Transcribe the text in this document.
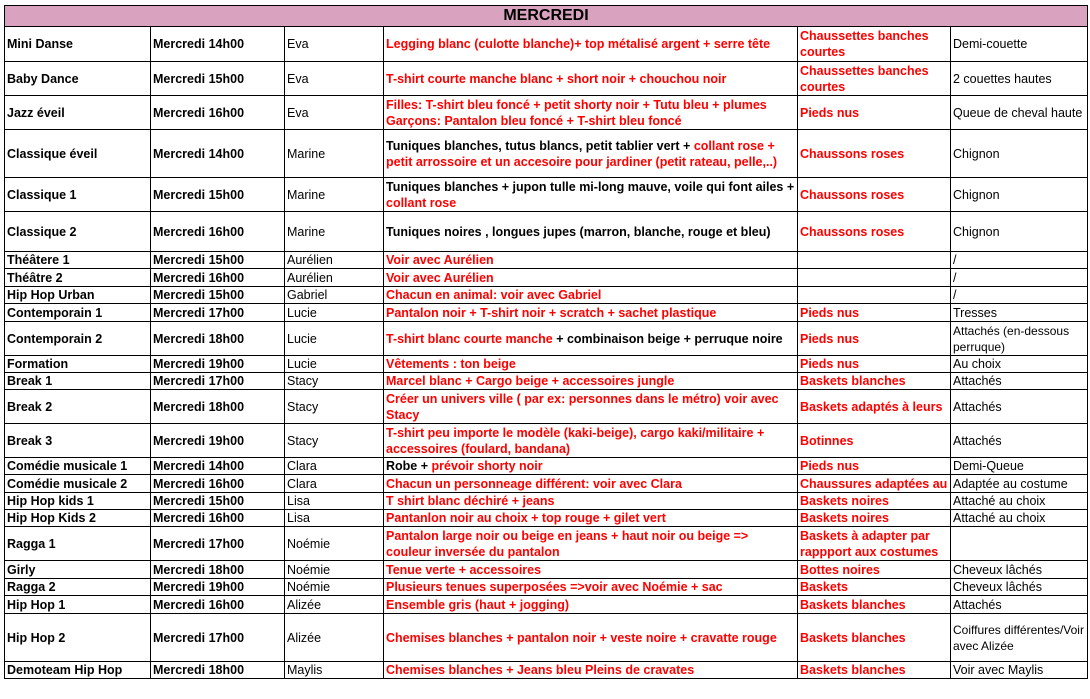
MERCREDI					
Mini Danse	Mercredi 14h00	Eva	Legging blanc (culotte blanche)+ top métalisé argent + serre tête	Chaussettes banches courtes	Demi-couette
Baby Dance	Mercredi 15h00	Eva	T-shirt courte manche blanc + short noir + chouchou noir	Chaussettes banches courtes	2 couettes hautes
Jazz éveil	Mercredi 16h00	Eva	Filles: T-shirt bleu foncé + petit shorty noir + Tutu bleu + plumes Garçons: Pantalon bleu foncé + T-shirt bleu foncé	Pieds nus	Queue de cheval haute
Classique éveil	Mercredi 14h00	Marine	Tuniques blanches, tutus blancs, petit tablier vert + collant rose + petit arrossoire et un accesoire pour jardiner (petit rateau, pelle,..)	Chaussons roses	Chignon
Classique 1	Mercredi 15h00	Marine	Tuniques blanches + jupon tulle mi-long mauve, voile qui font ailes + collant rose	Chaussons roses	Chignon
Classique 2	Mercredi 16h00	Marine	Tuniques noires , longues jupes (marron, blanche, rouge et bleu)	Chaussons roses	Chignon
Théâtere 1	Mercredi 15h00	Aurélien	Voir avec Aurélien		/
Théâtre 2	Mercredi 16h00	Aurélien	Voir avec Aurélien		/
Hip Hop Urban	Mercredi 15h00	Gabriel	Chacun en animal: voir avec Gabriel		/
Contemporain 1	Mercredi 17h00	Lucie	Pantalon noir + T-shirt noir + scratch + sachet plastique	Pieds nus	Tresses
Contemporain 2	Mercredi 18h00	Lucie	T-shirt blanc courte manche + combinaison beige + perruque noire	Pieds nus	Attachés (en-dessous perruque)
Formation	Mercredi 19h00	Lucie	Vêtements : ton beige	Pieds nus	Au choix
Break 1	Mercredi 17h00	Stacy	Marcel blanc + Cargo beige + accessoires jungle	Baskets blanches	Attachés
Break 2	Mercredi 18h00	Stacy	Créer un univers ville ( par ex: personnes dans le métro) voir avec Stacy	Baskets adaptés à leurs	Attachés
Break 3	Mercredi 19h00	Stacy	T-shirt peu importe le modèle (kaki-beige), cargo kaki/militaire + accessoires (foulard, bandana)	Botinnes	Attachés
Comédie musicale 1	Mercredi 14h00	Clara	Robe + prévoir shorty noir	Pieds nus	Demi-Queue
Comédie musicale 2	Mercredi 16h00	Clara	Chacun un personneage différent: voir avec Clara	Chaussures adaptées au	Adaptée au costume
Hip Hop kids 1	Mercredi 15h00	Lisa	T shirt blanc déchiré + jeans	Baskets noires	Attaché au choix
Hip Hop Kids 2	Mercredi 16h00	Lisa	Pantanlon noir au choix + top rouge + gilet vert	Baskets noires	Attaché au choix
Ragga 1	Mercredi 17h00	Noémie	Pantalon large noir ou beige en jeans + haut noir ou beige => couleur inversée du pantalon	Baskets à adapter par rappport aux costumes	
Girly	Mercredi 18h00	Noémie	Tenue verte + accessoires	Bottes noires	Cheveux lâchés
Ragga 2	Mercredi 19h00	Noémie	Plusieurs tenues superposées =>voir avec Noémie + sac	Baskets	Cheveux lâchés
Hip Hop 1	Mercredi 16h00	Alizée	Ensemble gris (haut + jogging)	Baskets blanches	Attachés
Hip Hop 2	Mercredi 17h00	Alizée	Chemises blanches + pantalon noir + veste noire + cravatte rouge	Baskets blanches	Coiffures différentes/Voir avec Alizée
Demoteam Hip Hop	Mercredi 18h00	Maylis	Chemises blanches + Jeans bleu Pleins de cravates	Baskets blanches	Voir avec Maylis
